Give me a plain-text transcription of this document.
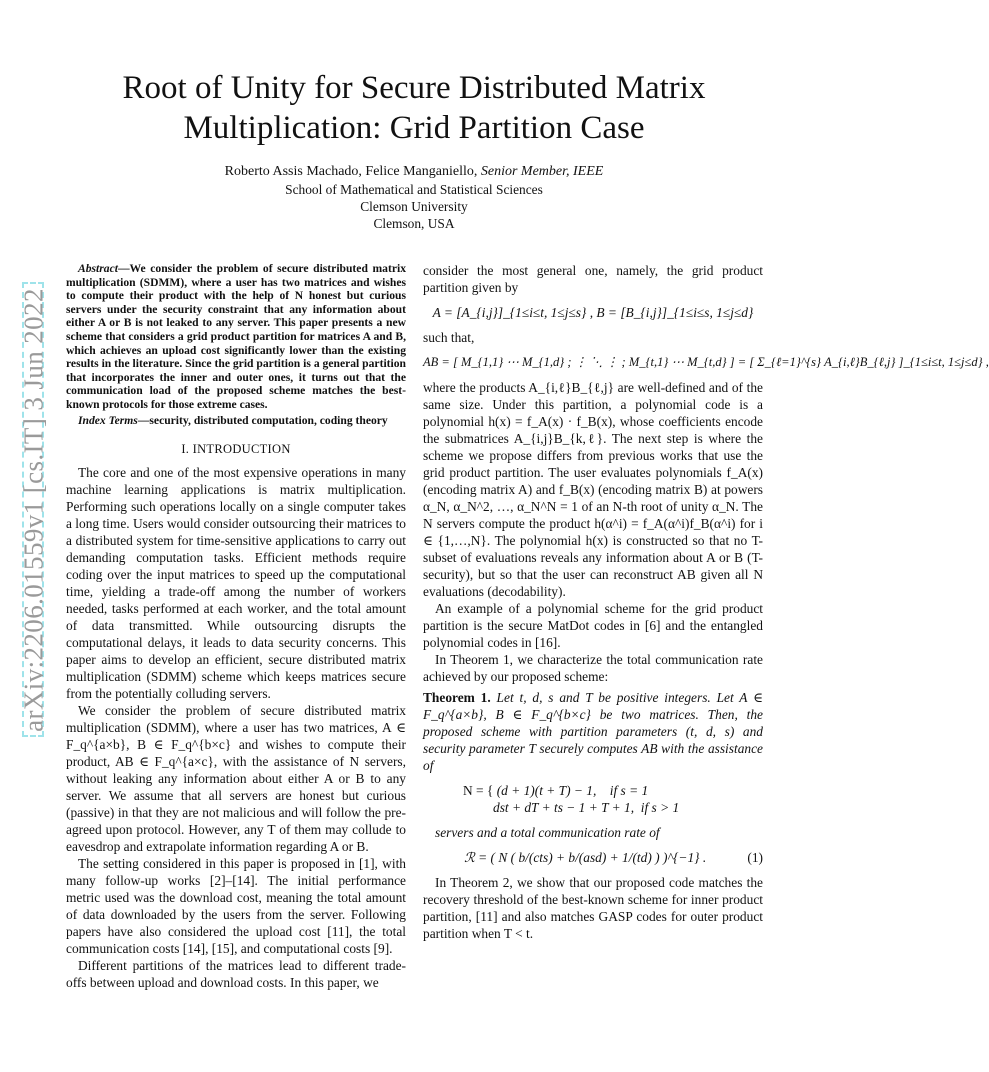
arXiv:2206.01559v1 [cs.IT] 3 Jun 2022
Root of Unity for Secure Distributed Matrix Multiplication: Grid Partition Case
Roberto Assis Machado, Felice Manganiello, Senior Member, IEEE
School of Mathematical and Statistical Sciences
Clemson University
Clemson, USA

Abstract—We consider the problem of secure distributed matrix multiplication (SDMM), where a user has two matrices and wishes to compute their product with the help of N honest but curious servers under the security constraint that any information about either A or B is not leaked to any server. This paper presents a new scheme that considers a grid product partition for matrices A and B, which achieves an upload cost significantly lower than the existing results in the literature. Since the grid partition is a general partition that incorporates the inner and outer ones, it turns out that the communication load of the proposed scheme matches the best-known protocols for those extreme cases.

Index Terms—security, distributed computation, coding theory

I. INTRODUCTION

The core and one of the most expensive operations in many machine learning applications is matrix multiplication. Performing such operations locally on a single computer takes a long time. Users would consider outsourcing their matrices to a distributed system for time-sensitive applications to carry out demanding computation tasks. Efficient methods require coding over the input matrices to speed up the computational time, yielding a trade-off among the number of workers needed, tasks performed at each worker, and the total amount of data transmitted. While outsourcing disrupts the computational delays, it leads to data security concerns. This paper aims to develop an efficient, secure distributed matrix multiplication (SDMM) scheme which keeps matrices secure from the potentially colluding servers.

We consider the problem of secure distributed matrix multiplication (SDMM), where a user has two matrices, A ∈ F_q^{a×b}, B ∈ F_q^{b×c} and wishes to compute their product, AB ∈ F_q^{a×c}, with the assistance of N servers, without leaking any information about either A or B to any server. We assume that all servers are honest but curious (passive) in that they are not malicious and will follow the pre-agreed upon protocol. However, any T of them may collude to eavesdrop and extrapolate information regarding A or B.

The setting considered in this paper is proposed in [1], with many follow-up works [2]–[14]. The initial performance metric used was the download cost, meaning the total amount of data downloaded by the users from the server. Following papers have also considered the upload cost [11], the total communication costs [14], [15], and computational costs [9].

Different partitions of the matrices lead to different trade-offs between upload and download costs. In this paper, we

consider the most general one, namely, the grid product partition given by

A = [A_{i,j}]_{1≤i≤t, 1≤j≤s} , B = [B_{i,j}]_{1≤i≤s, 1≤j≤d}

such that,

AB = [ M_{1,1} ⋯ M_{1,d} ; ⋮ ⋱ ⋮ ; M_{t,1} ⋯ M_{t,d} ] = [ Σ_{ℓ=1}^{s} A_{i,ℓ}B_{ℓ,j} ]_{1≤i≤t, 1≤j≤d} ,

where the products A_{i,ℓ}B_{ℓ,j} are well-defined and of the same size. Under this partition, a polynomial code is a polynomial h(x) = f_A(x) · f_B(x), whose coefficients encode the submatrices A_{i,j}B_{k,ℓ}. The next step is where the scheme we propose differs from previous works that use the grid product partition. The user evaluates polynomials f_A(x) (encoding matrix A) and f_B(x) (encoding matrix B) at powers α_N, α_N^2, …, α_N^N = 1 of an N-th root of unity α_N. The N servers compute the product h(α^i) = f_A(α^i)f_B(α^i) for i ∈ {1,…,N}. The polynomial h(x) is constructed so that no T-subset of evaluations reveals any information about A or B (T-security), but so that the user can reconstruct AB given all N evaluations (decodability).

An example of a polynomial scheme for the grid product partition is the secure MatDot codes in [6] and the entangled polynomial codes in [16].

In Theorem 1, we characterize the total communication rate achieved by our proposed scheme:

Theorem 1. Let t, d, s and T be positive integers. Let A ∈ F_q^{a×b}, B ∈ F_q^{b×c} be two matrices. Then, the proposed scheme with partition parameters (t, d, s) and security parameter T securely computes AB with the assistance of

N = { (d + 1)(t + T) − 1, if s = 1
dst + dT + ts − 1 + T + 1, if s > 1

servers and a total communication rate of

ℛ = ( N ( b/(cts) + b/(asd) + 1/(td) ) )^{−1} .	(1)

In Theorem 2, we show that our proposed code matches the recovery threshold of the best-known scheme for inner product partition, [11] and also matches GASP codes for outer product partition when T < t.
